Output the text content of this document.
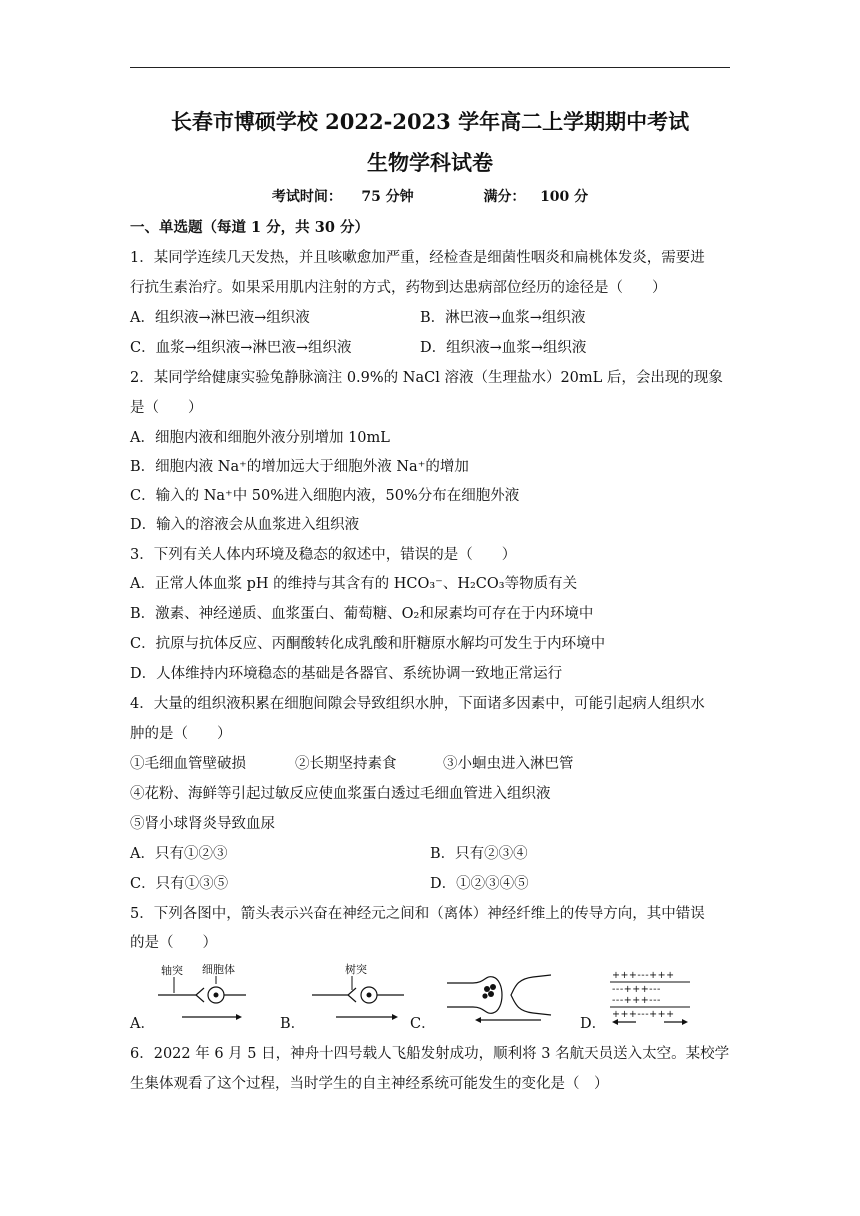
长春市博硕学校 2022-2023 学年高二上学期期中考试
生物学科试卷
考试时间： 75 分钟	满分： 100 分
一、单选题（每道 1 分，共 30 分）
1．某同学连续几天发热，并且咳嗽愈加严重，经检查是细菌性咽炎和扁桃体发炎，需要进
行抗生素治疗。如果采用肌内注射的方式，药物到达患病部位经历的途径是（　　）
A．组织液→淋巴液→组织液	B．淋巴液→血浆→组织液
C．血浆→组织液→淋巴液→组织液	D．组织液→血浆→组织液
2．某同学给健康实验兔静脉滴注 0.9%的 NaCl 溶液（生理盐水）20mL 后，会出现的现象
是（　　）
A．细胞内液和细胞外液分别增加 10mL
B．细胞内液 Na⁺的增加远大于细胞外液 Na⁺的增加
C．输入的 Na⁺中 50%进入细胞内液，50%分布在细胞外液
D．输入的溶液会从血浆进入组织液
3．下列有关人体内环境及稳态的叙述中，错误的是（　　）
A．正常人体血浆 pH 的维持与其含有的 HCO₃⁻、H₂CO₃等物质有关
B．激素、神经递质、血浆蛋白、葡萄糖、O₂和尿素均可存在于内环境中
C．抗原与抗体反应、丙酮酸转化成乳酸和肝糖原水解均可发生于内环境中
D．人体维持内环境稳态的基础是各器官、系统协调一致地正常运行
4．大量的组织液积累在细胞间隙会导致组织水肿，下面诸多因素中，可能引起病人组织水
肿的是（　　）
①毛细血管壁破损	②长期坚持素食	③小蛔虫进入淋巴管
④花粉、海鲜等引起过敏反应使血浆蛋白透过毛细血管进入组织液
⑤肾小球肾炎导致血尿
A．只有①②③	B．只有②③④
C．只有①③⑤	D．①②③④⑤
5．下列各图中，箭头表示兴奋在神经元之间和（离体）神经纤维上的传导方向，其中错误
的是（　　）
A．
轴突 细胞体
B．
树突
C．	D．
+++---+++
---+++---
---+++---
+++---+++
6．2022 年 6 月 5 日，神舟十四号载人飞船发射成功，顺利将 3 名航天员送入太空。某校学
生集体观看了这个过程，当时学生的自主神经系统可能发生的变化是（　）
